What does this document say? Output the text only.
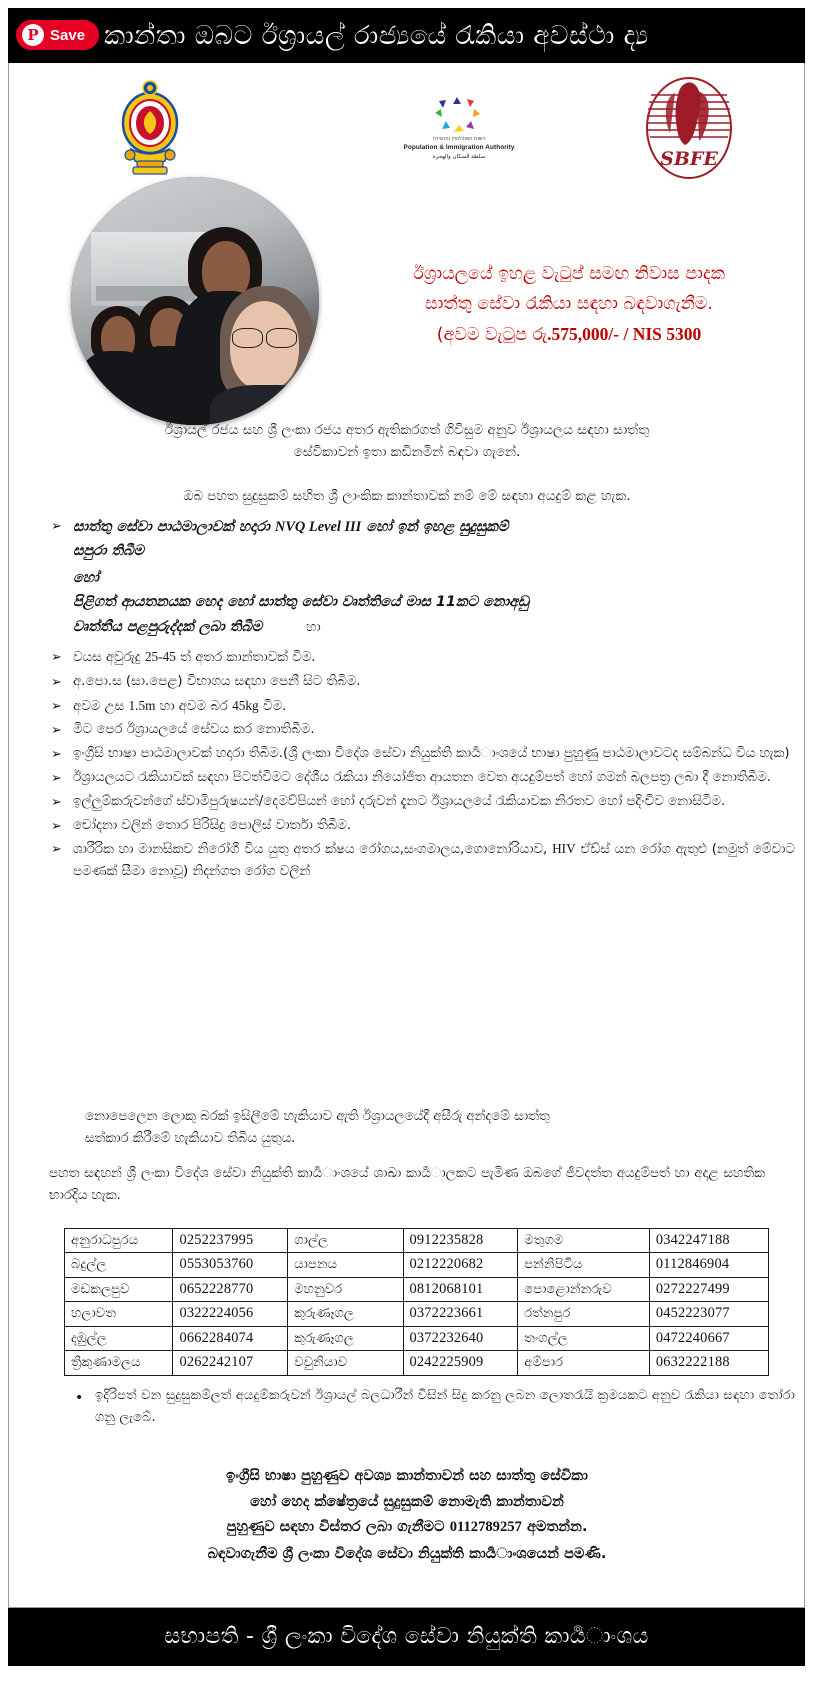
කාන්තා ඔබට ඊශ්‍රායල් රාජ්‍යයේ රැකියා අවස්ථා ‍ද්‍ය
P Save
רשות האוכלוסין וההגירה
Population & Immigration Authority
سلطة السكان والهجرة	SBFE
ඊශ්‍රායලයේ ඉහළ වැටුප් සමඟ නිවාස පාදක
සාත්තු සේවා රැකියා සඳහා බඳවාගැනීම.
(අවම වැටුප රු.575,000/- / NIS 5300
ඊශ්‍රායල් රජය සහ ශ්‍රී ලංකා රජය අතර ඇතිකරගත් ගිවිසුම අනුව ඊශ්‍රායලය සඳහා සාත්තු
සේවිකාවන් ඉතා කඩිනමින් බඳවා ගැනේ.
ඔබ පහත සුදුසුකම් සහිත ශ්‍රී ලාංකික කාන්තාවක් නම් මේ සඳහා අයදුම් කළ හැක.
➢ සාත්තු සේවා පාඨමාලාවක් හදාරා NVQ Level III හෝ ඉන් ඉහළ සුදුසුකම්
සපුරා තිබීම
හෝ
පිළිගත් ආයතනයක හෙද හෝ සාත්තු සේවා වෘත්තියේ මාස 11කට නොඅඩු
වෘත්තීය පළපුරුද්දක් ලබා තිබීම	හා
➢ වයස අවුරුදු 25-45 ත් අතර කාන්තාවක් වීම.
➢ අ.පො.ස (සා.පෙළ) විභාගය සඳහා පෙනී සිට තිබීම.
➢ අවම උස 1.5m හා අවම බර 45kg වීම.
➢ මීට පෙර ඊශ්‍රායලයේ සේවය කර නොතිබීම.
➢ ඉංග්‍රීසි භාෂා පාඨමාලාවක් හදාරා තිබීම.(ශ්‍රී ලංකා විදේශ සේවා නියුක්ති කායර්‍ාංශයේ භාෂා පුහුණු පාඨමාලාවටද සම්බන්ධ විය හැක)
➢ ඊශ්‍රායලයට රැකියාවක් සඳහා පිටත්වීමට දේශීය රැකියා නියෝජිත ආයතන වෙත අයදුම්පත් හෝ ගමන් බලපත්‍ර ලබා දී නොතිබීම.
➢ ඉල්ලුම්කරුවන්ගේ ස්වාමිපුරුෂයන්/දෙමව්පියන් හෝ දරුවන් දැනට ඊශ්‍රායලයේ රැකියාවක නිරතව හෝ පදිංචිව නොසිටීම.
➢ චෝදනා වලින් තොර පිරිසිදු පොලිස් වාර්තා තිබීම.
➢ ශාරීරික හා මානසිකව නිරෝගී විය යුතු අතර ක්ෂය රෝගය,සංගමාලය,ගොනෝරියාව, HIV ඒඩ්ස් යන රෝග ඇතුළු (නමුත් මේවාට පමණක් සීමා නොවූ) නිදන්ගත රෝග වලින්
නොපෙලෙන ලොකු බරක් ඉසිලීමේ හැකියාව ඇති ඊශ්‍රායලයේදී අසීරු අන්දමේ සාත්තු
සත්කාර කිරීමේ හැකියාව තිබිය යුතුය.
පහත සඳහන් ශ්‍රී ලංකා විදේශ සේවා නියුක්ති කායර්‍ාංශයේ ශාඛා කායර්‍ාලකට පැමිණ ඔබගේ ජීවදත්ත අයදුම්පත් හා අදාළ සහතික භාරදිය හැක.
අනුරාධපුරය	0252237995	ගාල්ල	0912235828	මතුගම	0342247188
බදුල්ල	0553053760	යාපනය	0212220682	පන්නිපිටිය	0112846904
මඩකලපුව	0652228770	මහනුවර	0812068101	පොළොන්නරුව	0272227499
හලාවත	0322224056	කුරුණෑගල	0372223661	රත්නපුර	0452223077
දඹුල්ල	0662284074	කුරුණෑගල	0372232640	තංගල්ල	0472240667
ත්‍රිකුණාමලය	0262242107	වවුනියාව	0242225909	අම්පාර	0632222188
• ඉදිරිපත් වන සුදුසුකම්ලත් අයදුම්කරුවන් ඊශ්‍රායල් බලධාරීන් විසින් සිදු කරනු ලබන ලොතරැයි ක්‍රමයකට අනුව රැකියා සඳහා තෝරා ගනු ලැබේ.
ඉංග්‍රීසි භාෂා පුහුණුව අවශ්‍ය කාන්තාවන් සහ සාත්තු සේවිකා
හෝ හෙද ක්ෂේත්‍රයේ සුදුසුකම් නොමැති කාන්තාවන්
පුහුණුව සඳහා විස්තර ලබා ගැනීමට 0112789257 අමතන්න.
බඳවාගැනීම ශ්‍රී ලංකා විදේශ සේවා නියුක්ති කායර්‍ාංශයෙන් පමණි.
සභාපති - ශ්‍රී ලංකා විදේශ සේවා නියුක්ති කායර්‍ාංශය
